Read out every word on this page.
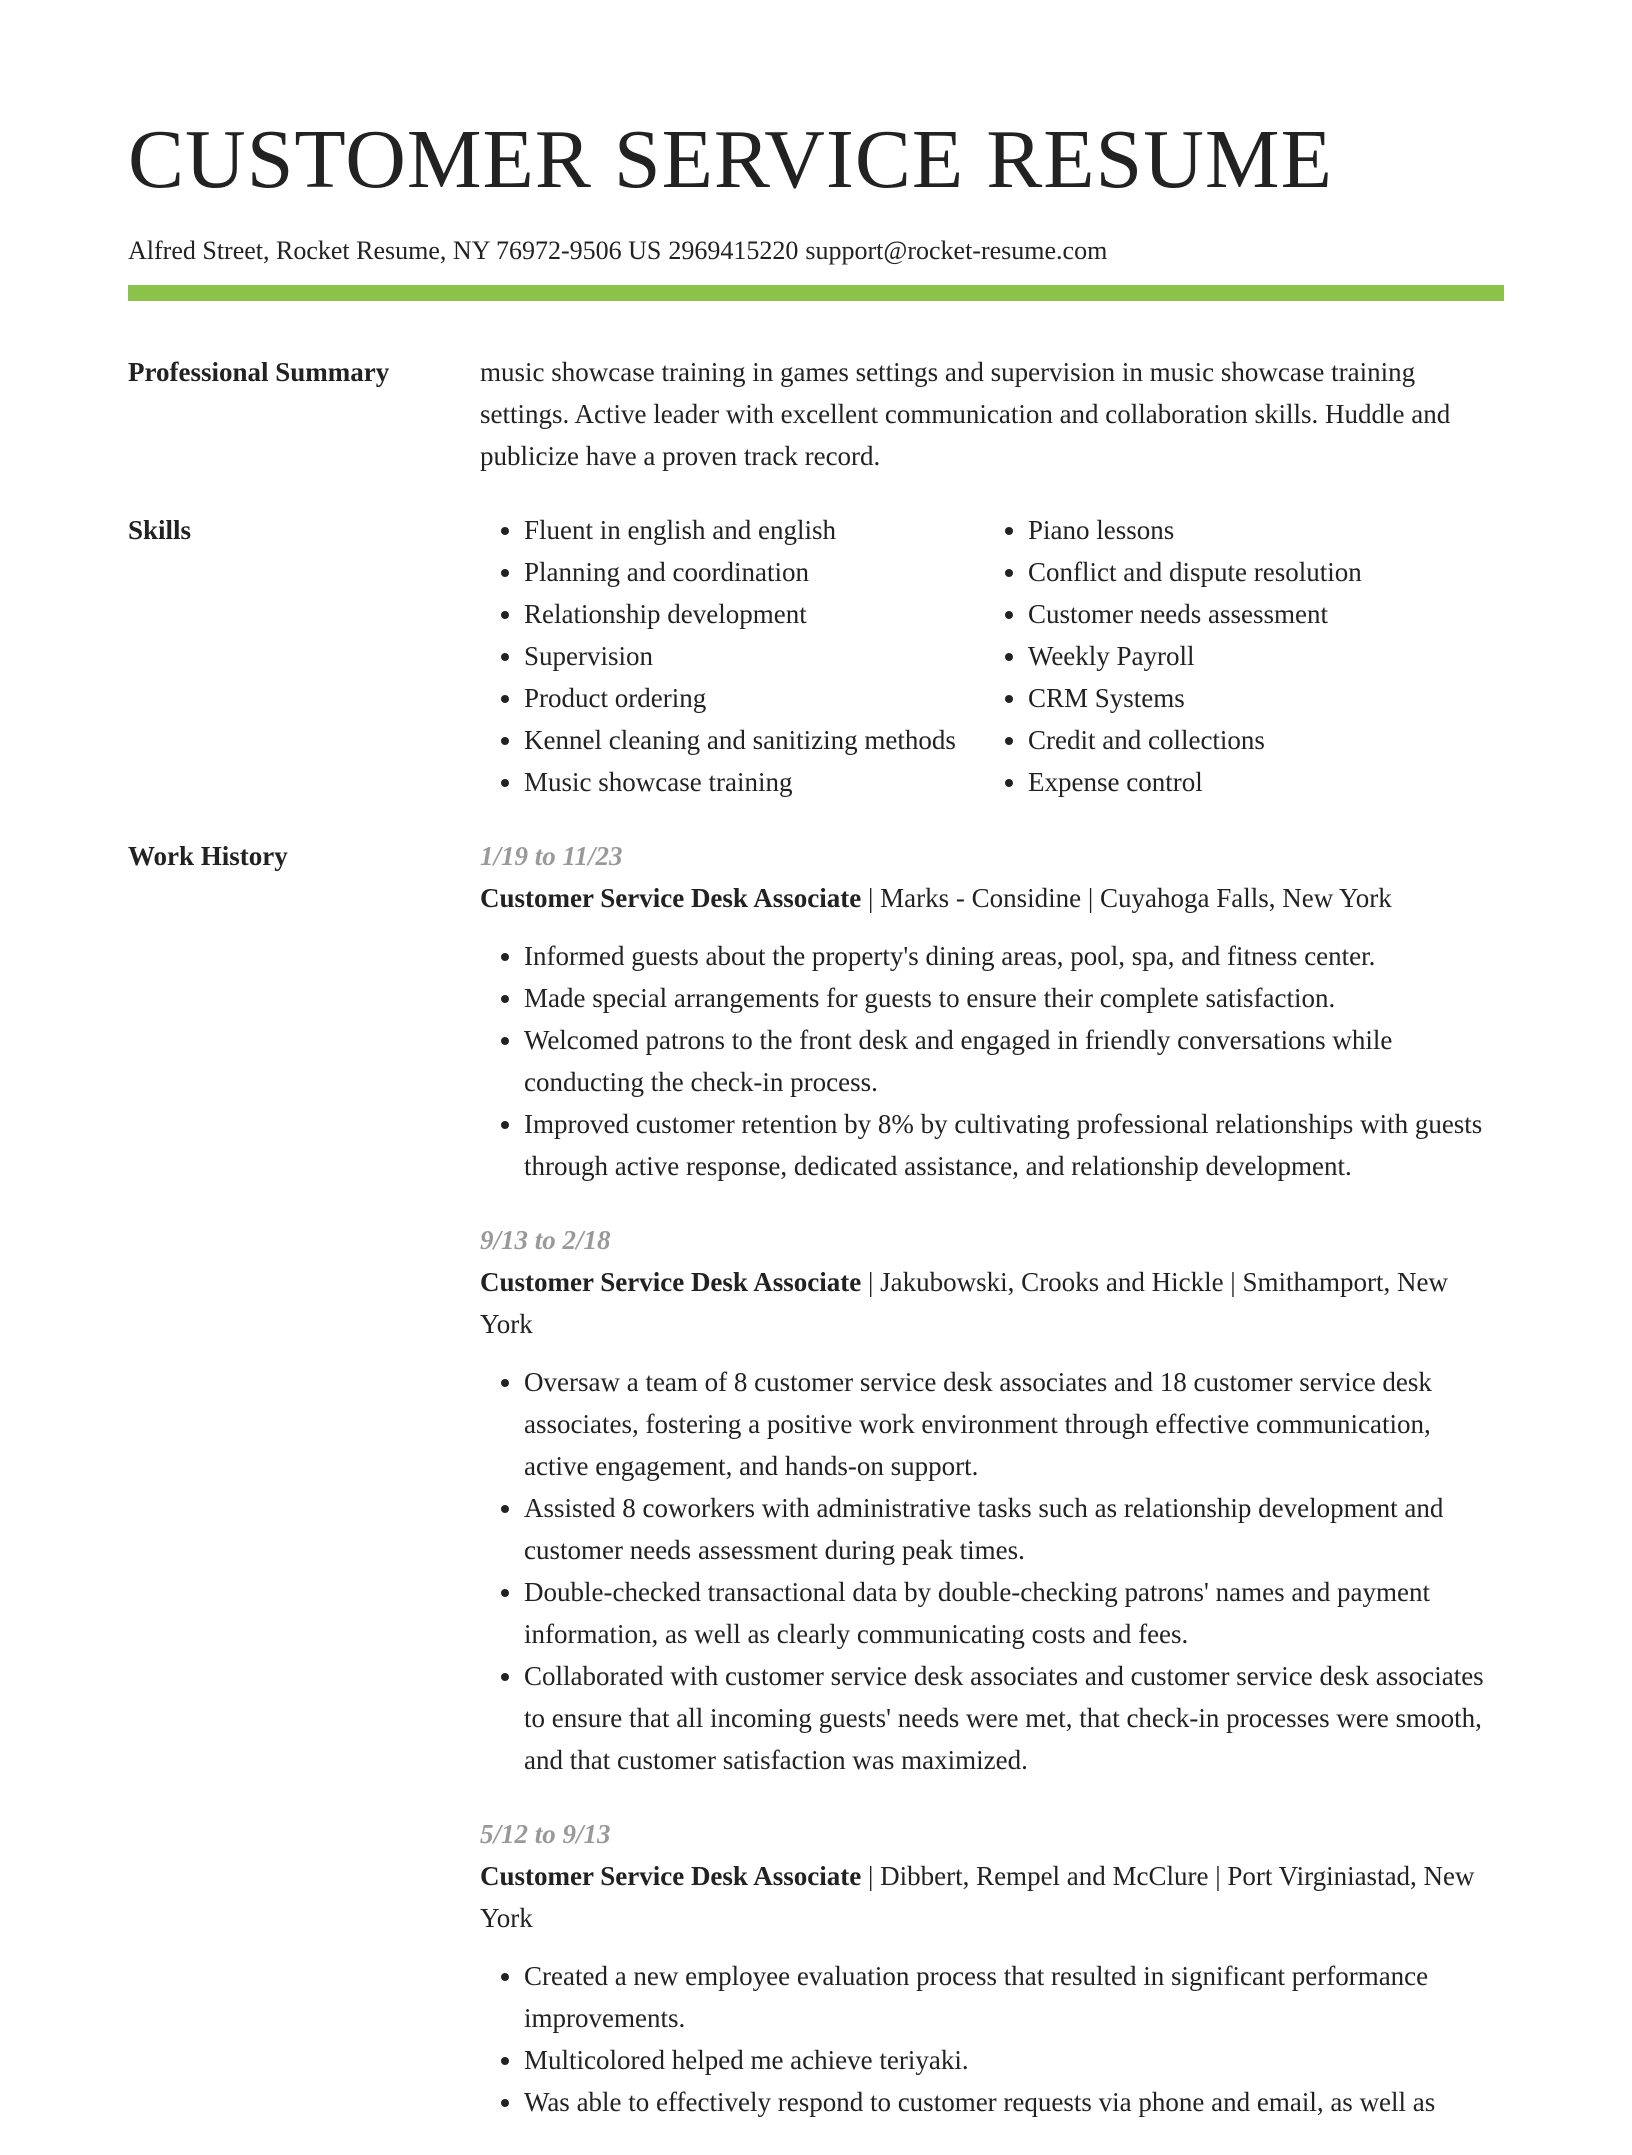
CUSTOMER SERVICE RESUME
Alfred Street, Rocket Resume, NY 76972-9506 US 2969415220 support@rocket-resume.com
Professional Summary	music showcase training in games settings and supervision in music showcase training settings. Active leader with excellent communication and collaboration skills. Huddle and publicize have a proven track record.
Skills
•	Fluent in english and english
• Planning and coordination
• Relationship development
• Supervision
• Product ordering
• Kennel cleaning and sanitizing methods
• Music showcase training
• Piano lessons
• Conflict and dispute resolution
• Customer needs assessment
• Weekly Payroll
• CRM Systems
• Credit and collections
• Expense control
Work History	1/19 to 11/23
Customer Service Desk Associate | Marks - Considine | Cuyahoga Falls, New York
• Informed guests about the property's dining areas, pool, spa, and fitness center.
• Made special arrangements for guests to ensure their complete satisfaction.
• Welcomed patrons to the front desk and engaged in friendly conversations while conducting the check-in process.
• Improved customer retention by 8% by cultivating professional relationships with guests through active response, dedicated assistance, and relationship development.
9/13 to 2/18
Customer Service Desk Associate | Jakubowski, Crooks and Hickle | Smithamport, New York
• Oversaw a team of 8 customer service desk associates and 18 customer service desk associates, fostering a positive work environment through effective communication, active engagement, and hands-on support.
• Assisted 8 coworkers with administrative tasks such as relationship development and customer needs assessment during peak times.
• Double-checked transactional data by double-checking patrons' names and payment information, as well as clearly communicating costs and fees.
• Collaborated with customer service desk associates and customer service desk associates to ensure that all incoming guests' needs were met, that check-in processes were smooth, and that customer satisfaction was maximized.
5/12 to 9/13
Customer Service Desk Associate | Dibbert, Rempel and McClure | Port Virginiastad, New York
• Created a new employee evaluation process that resulted in significant performance improvements.
• Multicolored helped me achieve teriyaki.
• Was able to effectively respond to customer requests via phone and email, as well as
